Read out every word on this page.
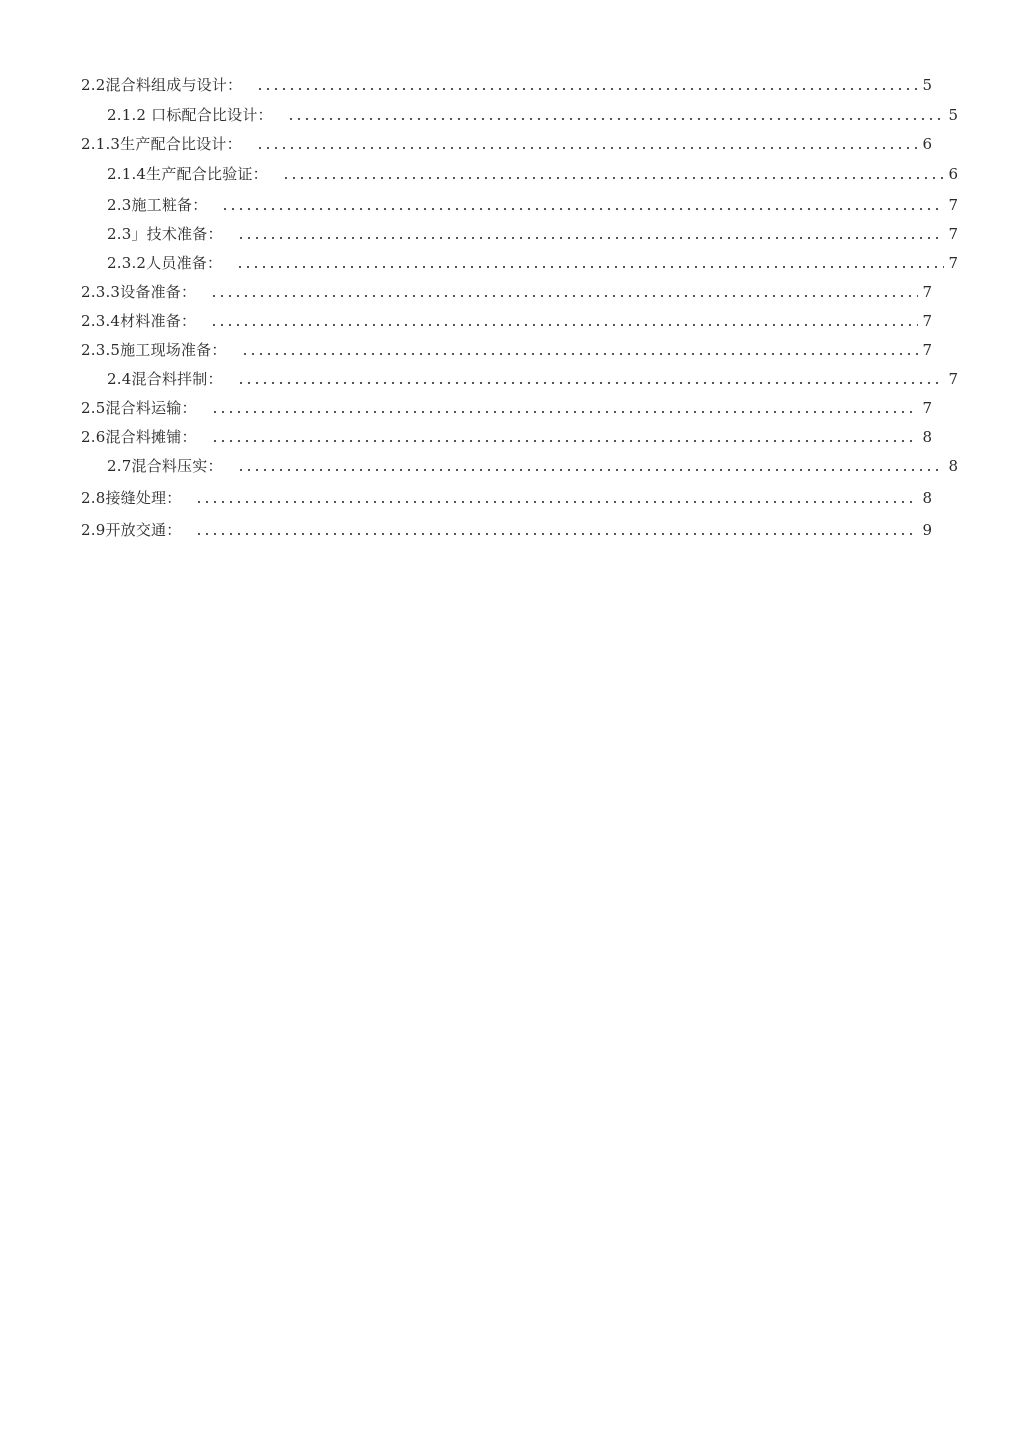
2.2混合料组成与设计：	5
2.1.2 口标配合比设计：	5
2.1.3生产配合比设计：	6
2.1.4生产配合比验证：	6
2.3施工粧备：	7
2.3」技术准备：	7
2.3.2人员准备：	7
2.3.3设备准备：	7
2.3.4材料准备：	7
2.3.5施工现场准备：	7
2.4混合料拌制：	7
2.5混合料运输：	7
2.6混合料摊铺：	8
2.7混合料压实：	8
2.8接缝处理：	8
2.9开放交通：	9
